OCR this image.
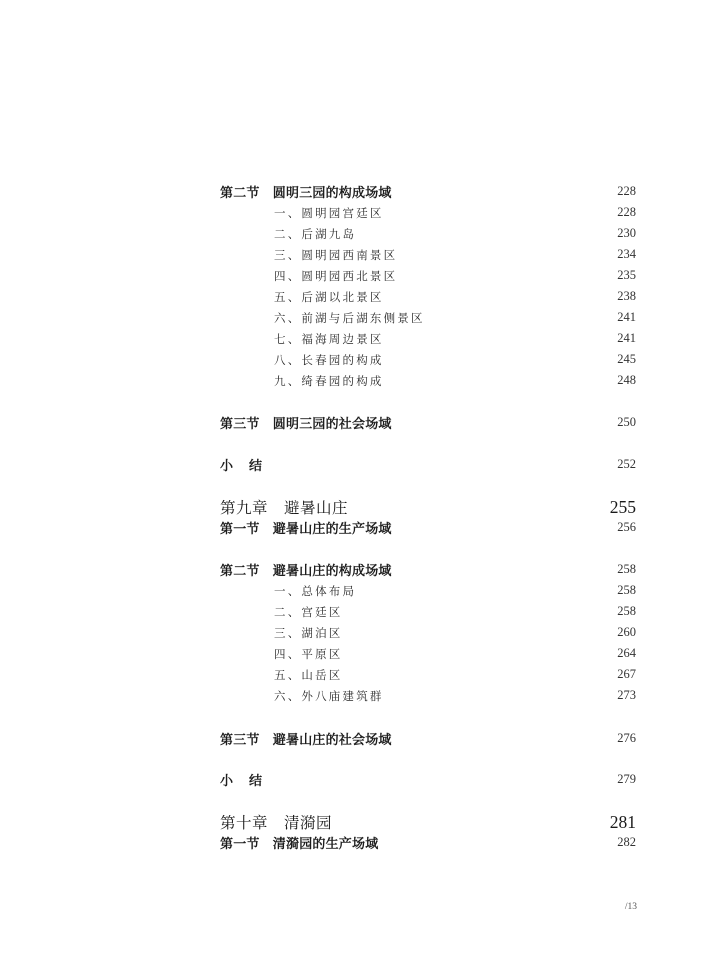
第二节　圆明三园的构成场域	228
一、圆明园宫廷区	228
二、后湖九岛	230
三、圆明园西南景区	234
四、圆明园西北景区	235
五、后湖以北景区	238
六、前湖与后湖东侧景区	241
七、福海周边景区	241
八、长春园的构成	245
九、绮春园的构成	248
第三节　圆明三园的社会场域	250
小结	252
第九章　避暑山庄	255
第一节　避暑山庄的生产场域	256
第二节　避暑山庄的构成场域	258
一、总体布局	258
二、宫廷区	258
三、湖泊区	260
四、平原区	264
五、山岳区	267
六、外八庙建筑群	273
第三节　避暑山庄的社会场域	276
小结	279
第十章　清漪园	281
第一节　清漪园的生产场域	282
/13
